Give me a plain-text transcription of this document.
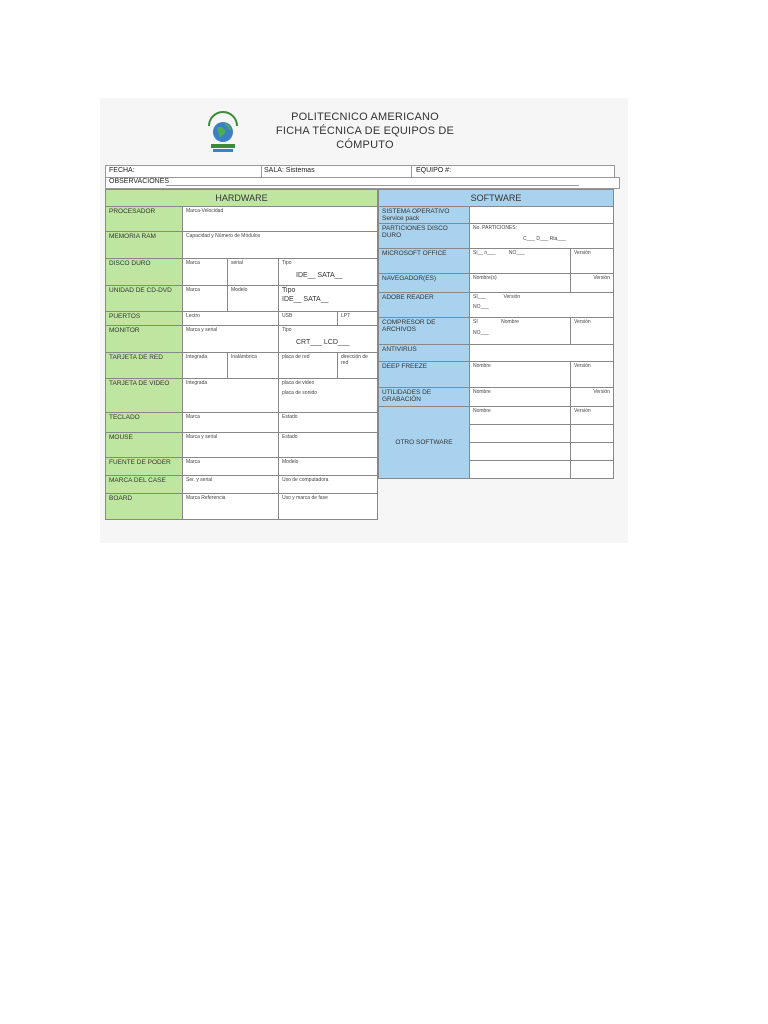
POLITECNICO AMERICANO
FICHA TÉCNICA DE EQUIPOS DE CÓMPUTO
FECHA:	SALA: Sistemas	EQUIPO #:
OBSERVACIONES
HARDWARE				
PROCESADOR	Marca-Velocidad			
MEMORIA RAM	Capacidad y Número de Módulos			
DISCO DURO	Marca	serial	Tipo
IDE__ SATA__	

UNIDAD DE CD-DVD	Marca	Modelo	Tipo
IDE__ SATA__	

PUERTOS	Lectro		USB	LPT
MONITOR	Marca y serial		Tipo
CRT___ LCD___	

TARJETA DE RED	Integrada	Inalámbrica	placa de red	dirección de red
TARJETA DE VIDEO	Integrada		placa de video
placa de sonido	

TECLADO	Marca		Estado	
MOUSE	Marca y serial		Estado	
FUENTE DE PODER	Marca		Modelo	
MARCA DEL CASE	Ser. y serial		Uso de computadora	
BOARD	Marca Referencia		Uso y marca de fase	
SOFTWARE		
SISTEMA OPERATIVO Service pack		
PARTICIONES DISCO DURO	No. PARTICIONES:
C___ D___ Rta___	

MICROSOFT OFFICE	Si__ n___ NO___	Versión
NAVEGADOR(ES)	Nombre(s)	Versión
ADOBE READER	SI___ Versión
NO___	

COMPRESOR DE ARCHIVOS	SI Nombre
NO___	Versión
ANTIVIRUS		
DEEP FREEZE	Nombre	Versión
UTILIDADES DE GRABACIÓN	Nombre	Versión
OTRO SOFTWARE	Nombre	Versión
